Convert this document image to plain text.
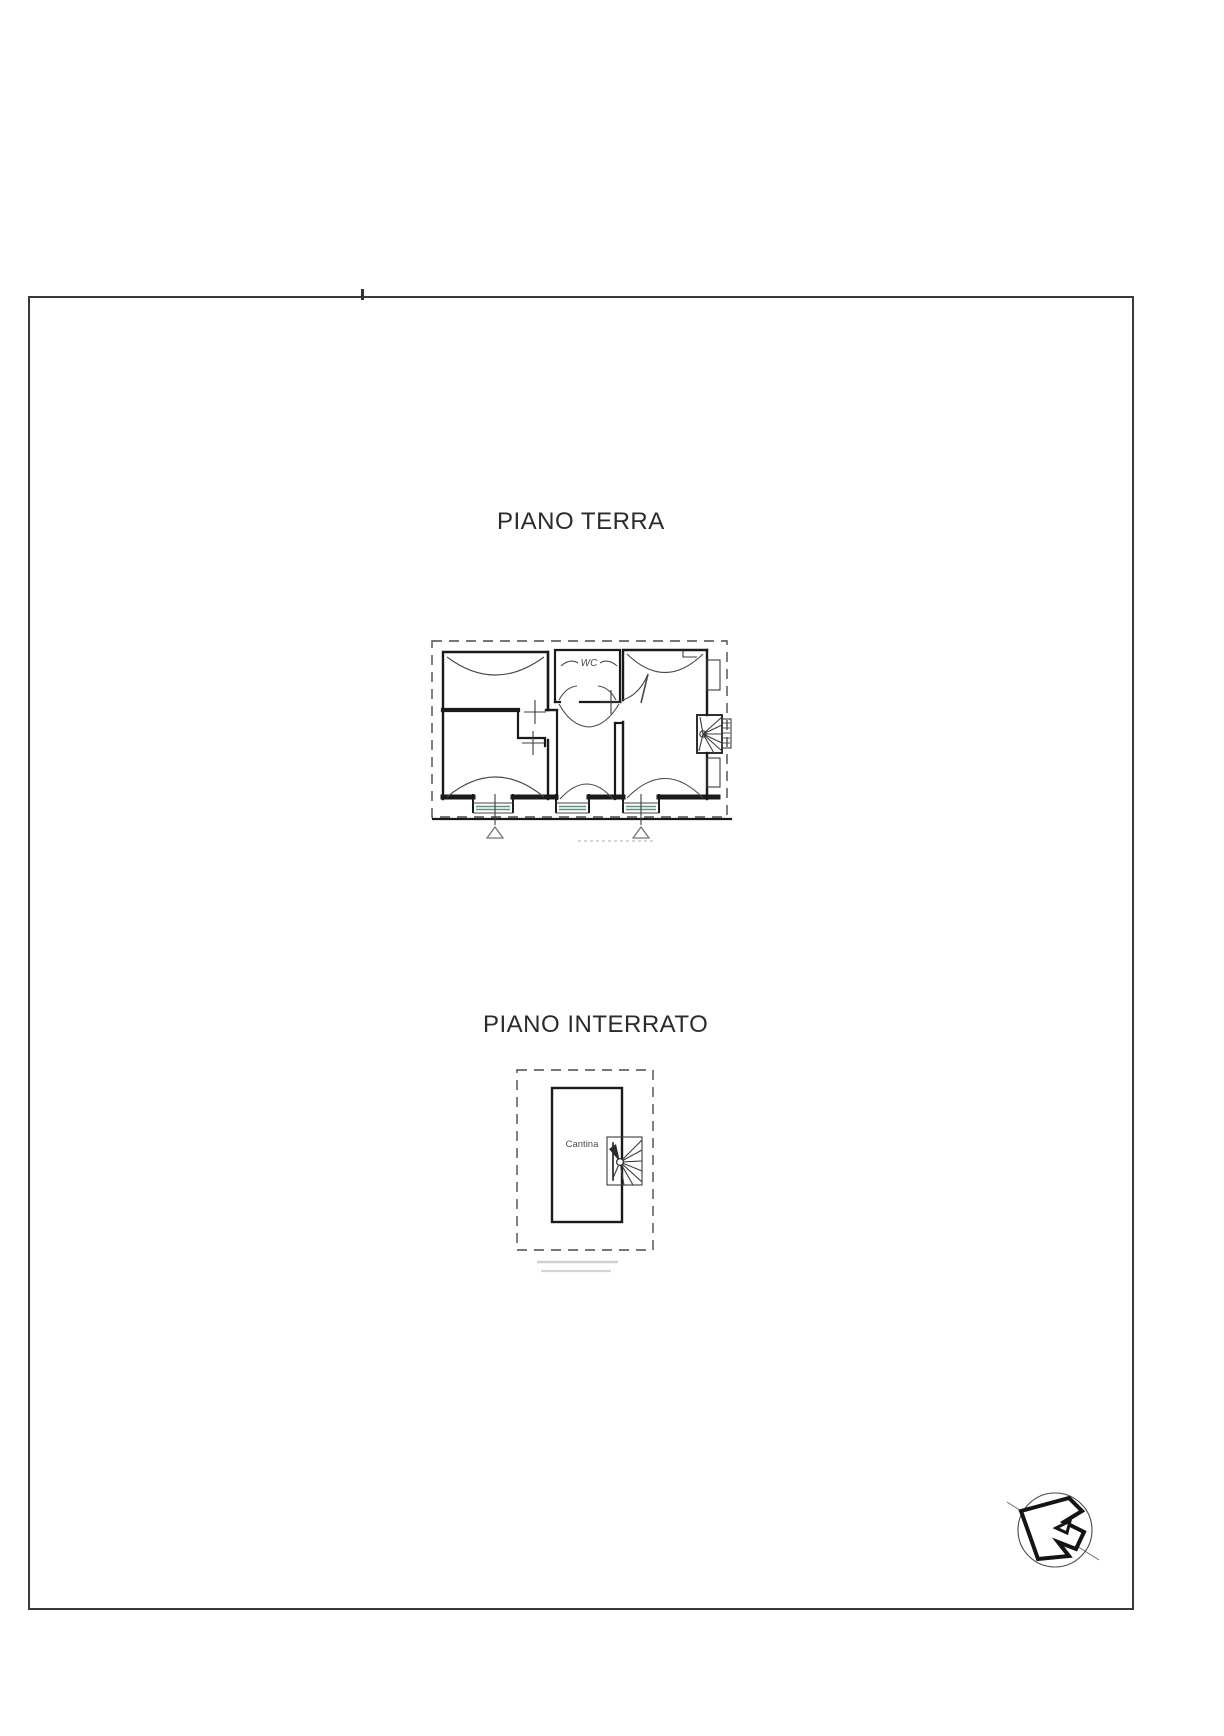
PIANO TERRA
PIANO INTERRATO
WC
Cantina
